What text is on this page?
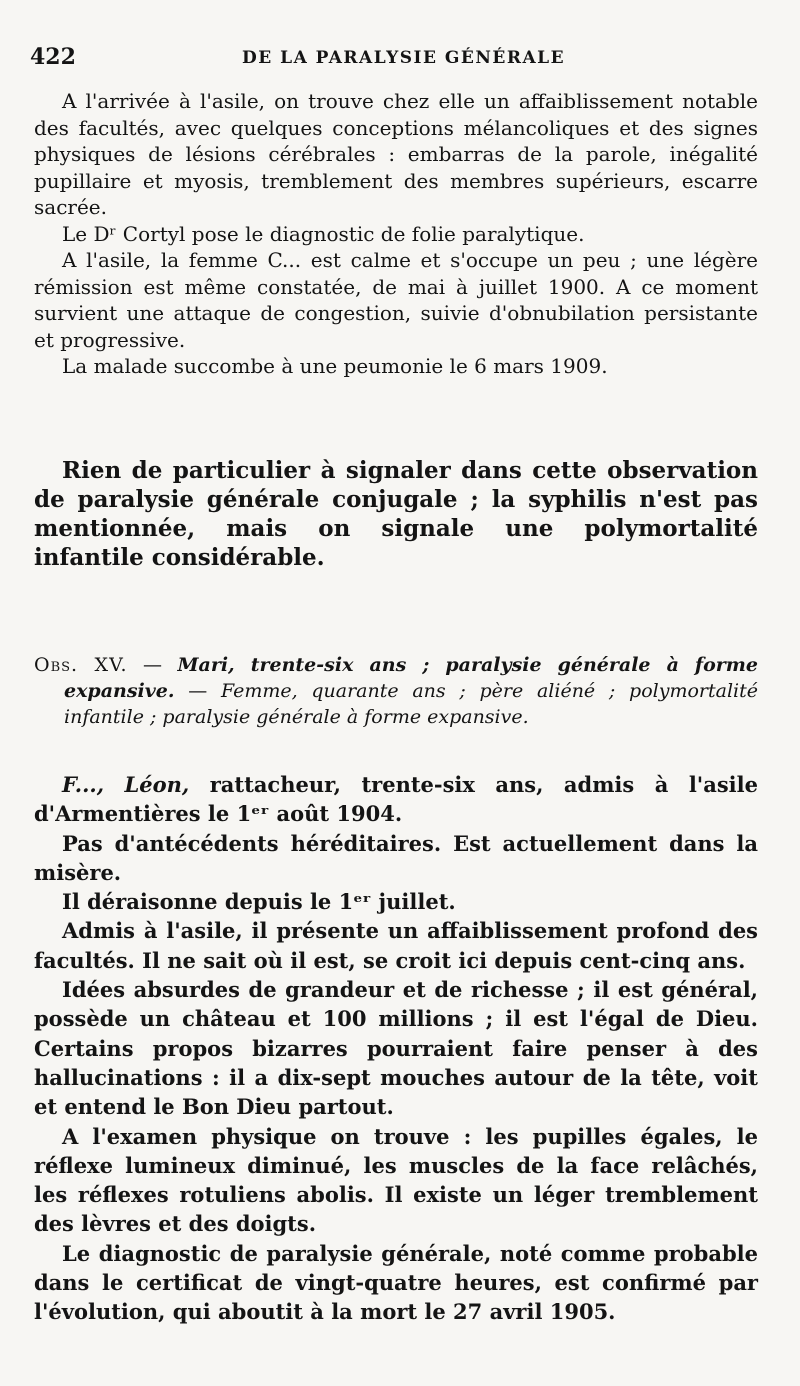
422	DE LA PARALYSIE GÉNÉRALE

A l'arrivée à l'asile, on trouve chez elle un affaiblissement notable des facultés, avec quelques conceptions mélancoliques et des signes physiques de lésions cérébrales : embarras de la parole, inégalité pupillaire et myosis, tremblement des membres supérieurs, escarre sacrée.

Le Dʳ Cortyl pose le diagnostic de folie paralytique.

A l'asile, la femme C... est calme et s'occupe un peu ; une légère rémission est même constatée, de mai à juillet 1900. A ce moment survient une attaque de congestion, suivie d'obnubilation persistante et progressive.

La malade succombe à une peumonie le 6 mars 1909.

Rien de particulier à signaler dans cette observation de paralysie générale conjugale ; la syphilis n'est pas mentionnée, mais on signale une polymortalité infantile considérable.

Obs. XV. — Mari, trente-six ans ; paralysie générale à forme expansive. — Femme, quarante ans ; père aliéné ; polymortalité infantile ; paralysie générale à forme expansive.

F..., Léon, rattacheur, trente-six ans, admis à l'asile d'Armentières le 1ᵉʳ août 1904.

Pas d'antécédents héréditaires. Est actuellement dans la misère.

Il déraisonne depuis le 1ᵉʳ juillet.

Admis à l'asile, il présente un affaiblissement profond des facultés. Il ne sait où il est, se croit ici depuis cent-cinq ans.

Idées absurdes de grandeur et de richesse ; il est général, possède un château et 100 millions ; il est l'égal de Dieu. Certains propos bizarres pourraient faire penser à des hallucinations : il a dix-sept mouches autour de la tête, voit et entend le Bon Dieu partout.

A l'examen physique on trouve : les pupilles égales, le réflexe lumineux diminué, les muscles de la face relâchés, les réflexes rotuliens abolis. Il existe un léger tremblement des lèvres et des doigts.

Le diagnostic de paralysie générale, noté comme probable dans le certificat de vingt-quatre heures, est confirmé par l'évolution, qui aboutit à la mort le 27 avril 1905.
